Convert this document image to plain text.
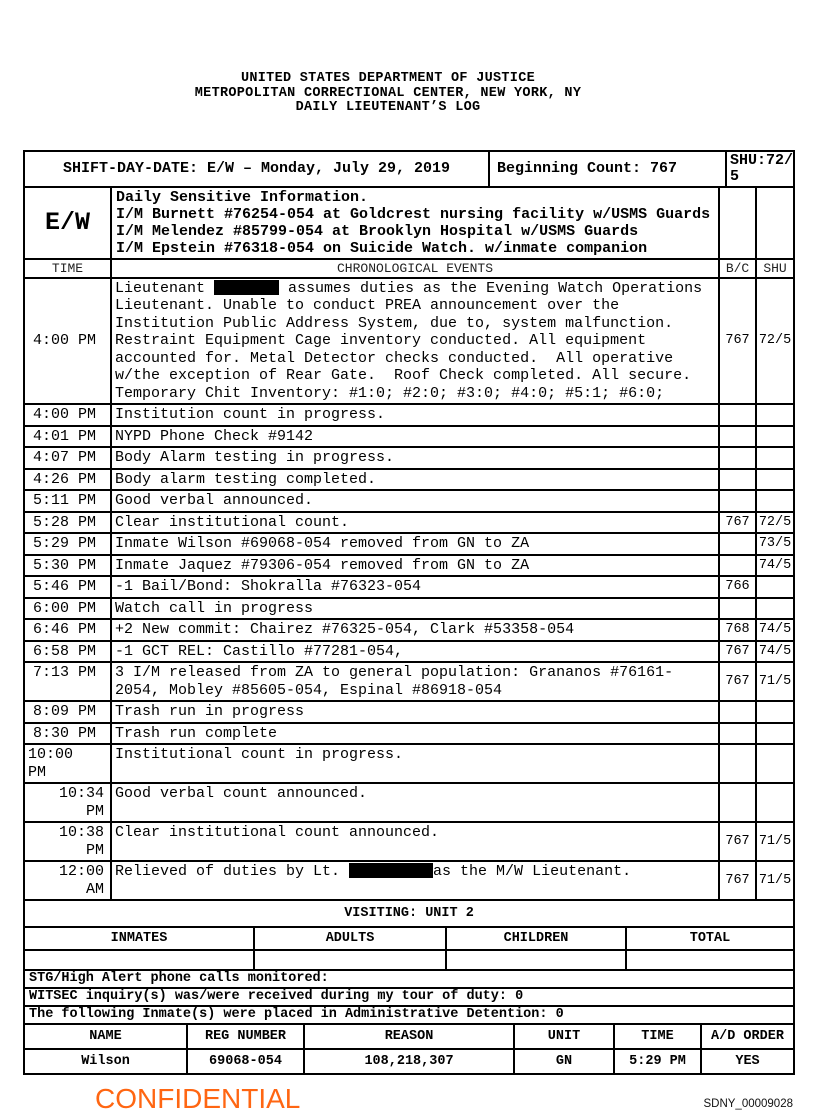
UNITED STATES DEPARTMENT OF JUSTICE
METROPOLITAN CORRECTIONAL CENTER, NEW YORK, NY
DAILY LIEUTENANT’S LOG
SHIFT-DAY-DATE: E/W – Monday, July 29, 2019		Beginning Count: 767		SHU:72/5	
E/W	Daily Sensitive Information.
I/M Burnett #76254-054 at Goldcrest nursing facility w/USMS Guards
I/M Melendez #85799-054 at Brooklyn Hospital w/USMS Guards
I/M Epstein #76318-054 on Suicide Watch. w/inmate companion				

TIME	CHRONOLOGICAL EVENTS		B/C		SHU
4:00 PM	Lieutenant assumes duties as the Evening Watch Operations Lieutenant. Unable to conduct PREA announcement over the Institution Public Address System, due to, system malfunction. Restraint Equipment Cage inventory conducted. All equipment accounted for. Metal Detector checks conducted.  All operative w/the exception of Rear Gate.  Roof Check completed. All secure. Temporary Chit Inventory: #1:0; #2:0; #3:0; #4:0; #5:1; #6:0;		767		72/5
4:00 PM	Institution count in progress.				
4:01 PM	NYPD Phone Check #9142				
4:07 PM	Body Alarm testing in progress.				
4:26 PM	Body alarm testing completed.				
5:11 PM	Good verbal announced.				
5:28 PM	Clear institutional count.		767		72/5
5:29 PM	Inmate Wilson #69068-054 removed from GN to ZA				73/5
5:30 PM	Inmate Jaquez #79306-054 removed from GN to ZA				74/5
5:46 PM	-1 Bail/Bond: Shokralla #76323-054		766		
6:00 PM	Watch call in progress				
6:46 PM	+2 New commit: Chairez #76325-054, Clark #53358-054		768		74/5
6:58 PM	-1 GCT REL: Castillo #77281-054,		767		74/5
7:13 PM	3 I/M released from ZA to general population: Grananos #76161-2054, Mobley #85605-054, Espinal #86918-054		767		71/5
8:09 PM	Trash run in progress				
8:30 PM	Trash run complete				
10:00 PM	Institutional count in progress.				
10:34 PM	Good verbal count announced.				
10:38 PM	Clear institutional count announced.		767		71/5
12:00 AM	Relieved of duties by Lt. as the M/W Lieutenant.		767		71/5
VISITING: UNIT 2			
INMATES	ADULTS	CHILDREN	TOTAL

STG/High Alert phone calls monitored:
WITSEC inquiry(s) was/were received during my tour of duty: 0
The following Inmate(s) were placed in Administrative Detention: 0
NAME	REG NUMBER	REASON	UNIT	TIME	A/D ORDER
Wilson	69068-054	108,218,307	GN	5:29 PM	YES
CONFIDENTIAL	SDNY_00009028
